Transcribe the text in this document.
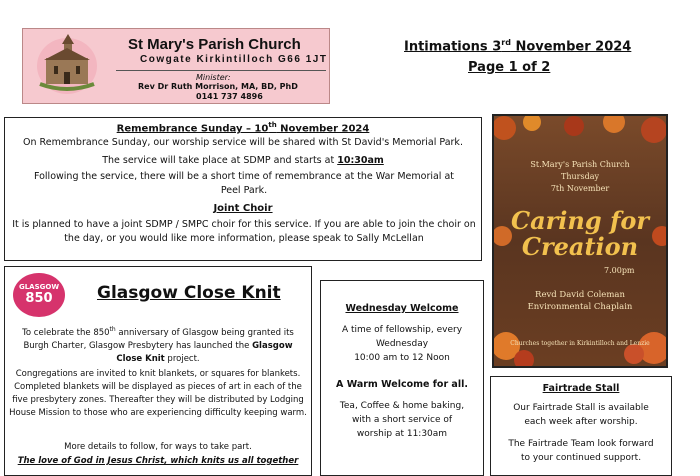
St Mary's Parish Church
Cowgate Kirkintilloch G66 1JT
Minister:
Rev Dr Ruth Morrison, MA, BD, PhD
0141 737 4896
Intimations 3rd November 2024
Page 1 of 2
Remembrance Sunday – 10th November 2024
On Remembrance Sunday, our worship service will be shared with St David's Memorial Park.
The service will take place at SDMP and starts at 10:30am
Following the service, there will be a short time of remembrance at the War Memorial at Peel Park.
Joint Choir
It is planned to have a joint SDMP / SMPC choir for this service. If you are able to join the choir on the day, or you would like more information, please speak to Sally McLellan
St.Mary's Parish Church
Thursday
7th November
Caring for
Creation
7.00pm
Revd David Coleman
Environmental Chaplain
Churches together in Kirkintilloch and Lenzie
GLASGOW
850	Glasgow Close Knit
To celebrate the 850th anniversary of Glasgow being granted its Burgh Charter, Glasgow Presbytery has launched the Glasgow Close Knit project.
Congregations are invited to knit blankets, or squares for blankets. Completed blankets will be displayed as pieces of art in each of the five presbytery zones. Thereafter they will be distributed by Lodging House Mission to those who are experiencing difficulty keeping warm.
More details to follow, for ways to take part.
The love of God in Jesus Christ, which knits us all together
Wednesday Welcome
A time of fellowship, every
Wednesday
10:00 am to 12 Noon
A Warm Welcome for all.
Tea, Coffee & home baking,
with a short service of
worship at 11:30am
Fairtrade Stall
Our Fairtrade Stall is available
each week after worship.
The Fairtrade Team look forward
to your continued support.
